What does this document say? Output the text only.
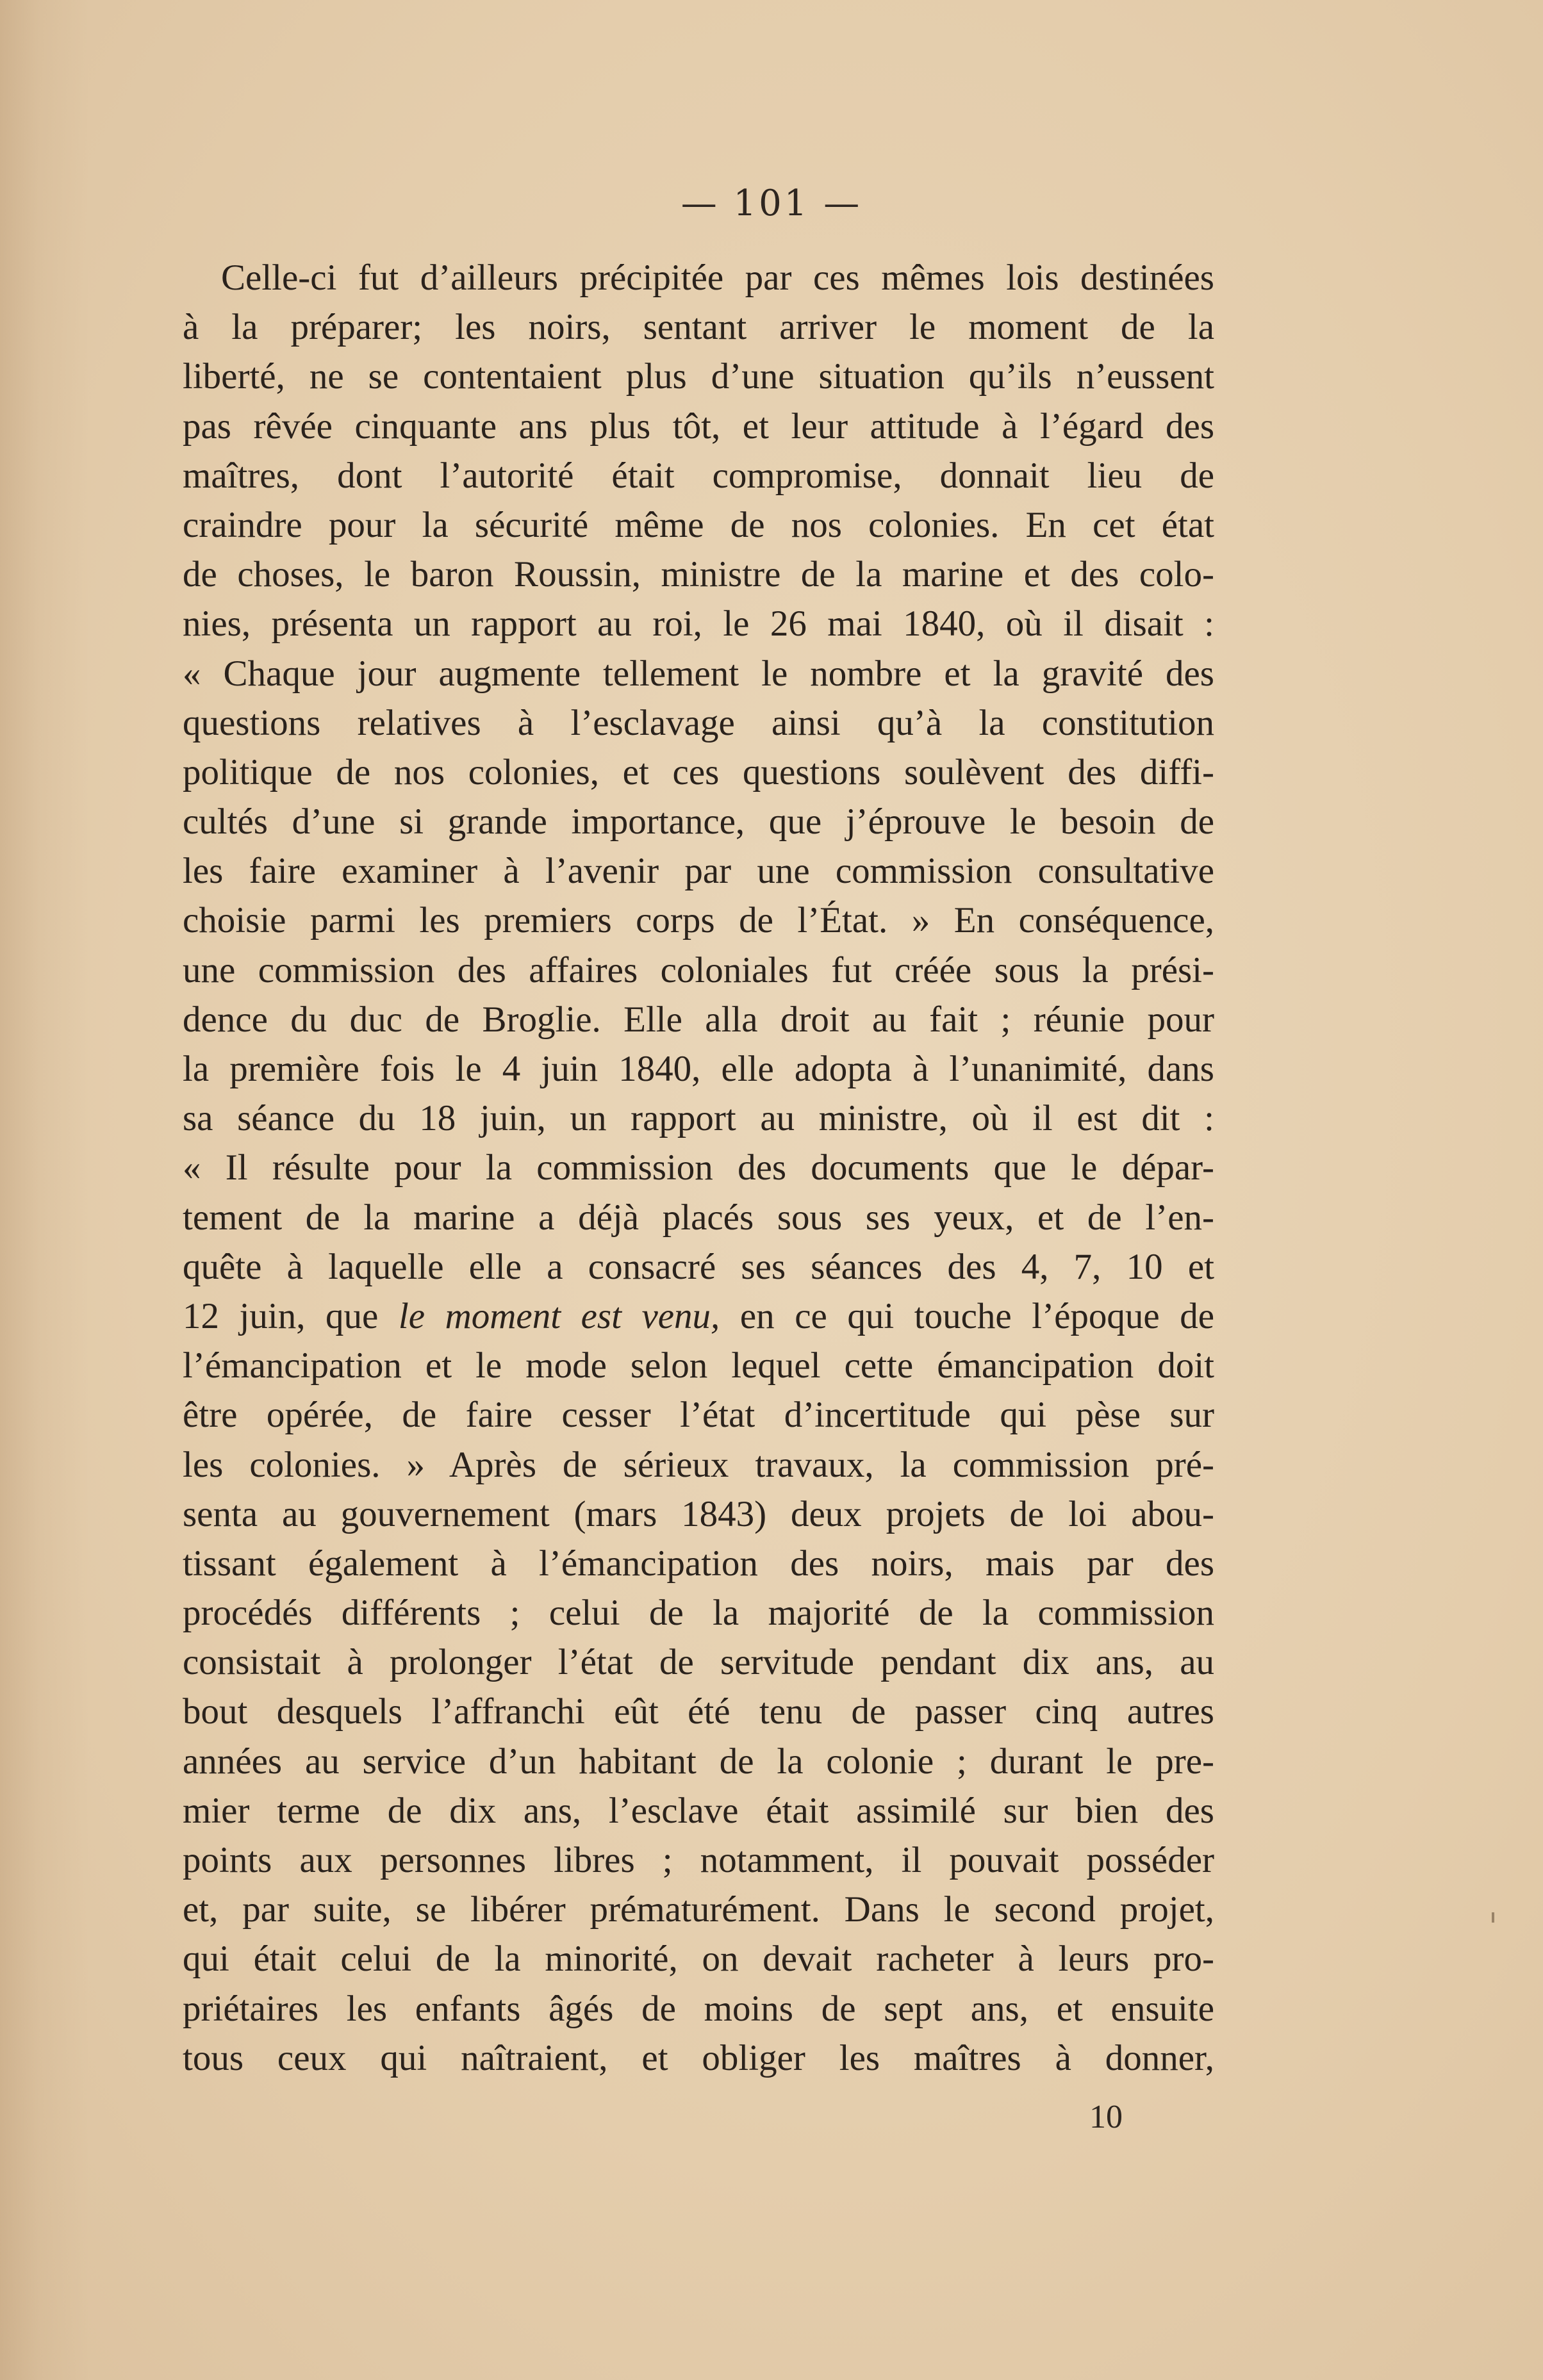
— 101 —
Celle-ci fut d’ailleurs précipitée par ces mêmes lois destinées
à la préparer; les noirs, sentant arriver le moment de la
liberté, ne se contentaient plus d’une situation qu’ils n’eussent
pas rêvée cinquante ans plus tôt, et leur attitude à l’égard des
maîtres, dont l’autorité était compromise, donnait lieu de
craindre pour la sécurité même de nos colonies. En cet état
de choses, le baron Roussin, ministre de la marine et des colo-
nies, présenta un rapport au roi, le 26 mai 1840, où il disait :
« Chaque jour augmente tellement le nombre et la gravité des
questions relatives à l’esclavage ainsi qu’à la constitution
politique de nos colonies, et ces questions soulèvent des diffi-
cultés d’une si grande importance, que j’éprouve le besoin de
les faire examiner à l’avenir par une commission consultative
choisie parmi les premiers corps de l’État. » En conséquence,
une commission des affaires coloniales fut créée sous la prési-
dence du duc de Broglie. Elle alla droit au fait ; réunie pour
la première fois le 4 juin 1840, elle adopta à l’unanimité, dans
sa séance du 18 juin, un rapport au ministre, où il est dit :
« Il résulte pour la commission des documents que le dépar-
tement de la marine a déjà placés sous ses yeux, et de l’en-
quête à laquelle elle a consacré ses séances des 4, 7, 10 et
12 juin, que le moment est venu, en ce qui touche l’époque de
l’émancipation et le mode selon lequel cette émancipation doit
être opérée, de faire cesser l’état d’incertitude qui pèse sur
les colonies. » Après de sérieux travaux, la commission pré-
senta au gouvernement (mars 1843) deux projets de loi abou-
tissant également à l’émancipation des noirs, mais par des
procédés différents ; celui de la majorité de la commission
consistait à prolonger l’état de servitude pendant dix ans, au
bout desquels l’affranchi eût été tenu de passer cinq autres
années au service d’un habitant de la colonie ; durant le pre-
mier terme de dix ans, l’esclave était assimilé sur bien des
points aux personnes libres ; notamment, il pouvait posséder
et, par suite, se libérer prématurément. Dans le second projet,
qui était celui de la minorité, on devait racheter à leurs pro-
priétaires les enfants âgés de moins de sept ans, et ensuite
tous ceux qui naîtraient, et obliger les maîtres à donner,
10
